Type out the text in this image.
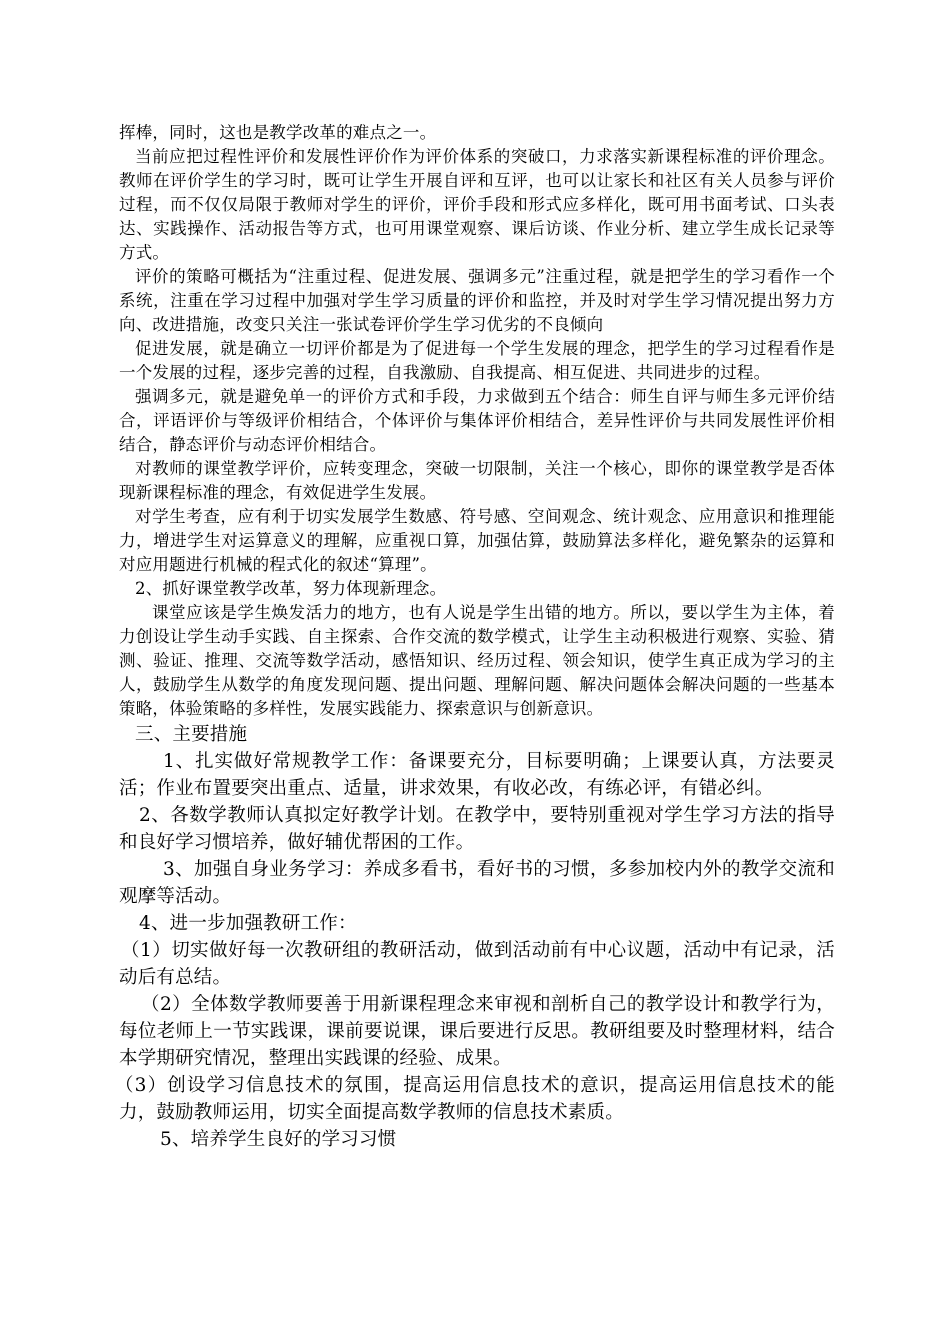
挥棒，同时，这也是教学改革的难点之一。

当前应把过程性评价和发展性评价作为评价体系的突破口，力求落实新课程标准的评价理念。教师在评价学生的学习时，既可让学生开展自评和互评，也可以让家长和社区有关人员参与评价过程，而不仅仅局限于教师对学生的评价，评价手段和形式应多样化，既可用书面考试、口头表达、实践操作、活动报告等方式，也可用课堂观察、课后访谈、作业分析、建立学生成长记录等方式。

评价的策略可概括为“注重过程、促进发展、强调多元”注重过程，就是把学生的学习看作一个系统，注重在学习过程中加强对学生学习质量的评价和监控，并及时对学生学习情况提出努力方向、改进措施，改变只关注一张试卷评价学生学习优劣的不良倾向

促进发展，就是确立一切评价都是为了促进每一个学生发展的理念，把学生的学习过程看作是一个发展的过程，逐步完善的过程，自我激励、自我提高、相互促进、共同进步的过程。

强调多元，就是避免单一的评价方式和手段，力求做到五个结合：师生自评与师生多元评价结合，评语评价与等级评价相结合，个体评价与集体评价相结合，差异性评价与共同发展性评价相结合，静态评价与动态评价相结合。

对教师的课堂教学评价，应转变理念，突破一切限制，关注一个核心，即你的课堂教学是否体现新课程标准的理念，有效促进学生发展。

对学生考查，应有利于切实发展学生数感、符号感、空间观念、统计观念、应用意识和推理能力，增进学生对运算意义的理解，应重视口算，加强估算，鼓励算法多样化，避免繁杂的运算和对应用题进行机械的程式化的叙述“算理”。

2、抓好课堂教学改革，努力体现新理念。

课堂应该是学生焕发活力的地方，也有人说是学生出错的地方。所以，要以学生为主体，着力创设让学生动手实践、自主探索、合作交流的数学模式，让学生主动积极进行观察、实验、猜测、验证、推理、交流等数学活动，感悟知识、经历过程、领会知识，使学生真正成为学习的主人，鼓励学生从数学的角度发现问题、提出问题、理解问题、解决问题体会解决问题的一些基本策略，体验策略的多样性，发展实践能力、探索意识与创新意识。

三、主要措施

1、扎实做好常规教学工作：备课要充分，目标要明确；上课要认真，方法要灵活；作业布置要突出重点、适量，讲求效果，有收必改，有练必评，有错必纠。

2、各数学教师认真拟定好教学计划。在教学中，要特别重视对学生学习方法的指导和良好学习惯培养，做好辅优帮困的工作。

3、加强自身业务学习：养成多看书，看好书的习惯，多参加校内外的教学交流和观摩等活动。

4、进一步加强教研工作：

（1）切实做好每一次教研组的教研活动，做到活动前有中心议题，活动中有记录，活动后有总结。

（2）全体数学教师要善于用新课程理念来审视和剖析自己的教学设计和教学行为，每位老师上一节实践课，课前要说课，课后要进行反思。教研组要及时整理材料，结合本学期研究情况，整理出实践课的经验、成果。

（3）创设学习信息技术的氛围，提高运用信息技术的意识，提高运用信息技术的能力，鼓励教师运用，切实全面提高数学教师的信息技术素质。

5、培养学生良好的学习习惯
